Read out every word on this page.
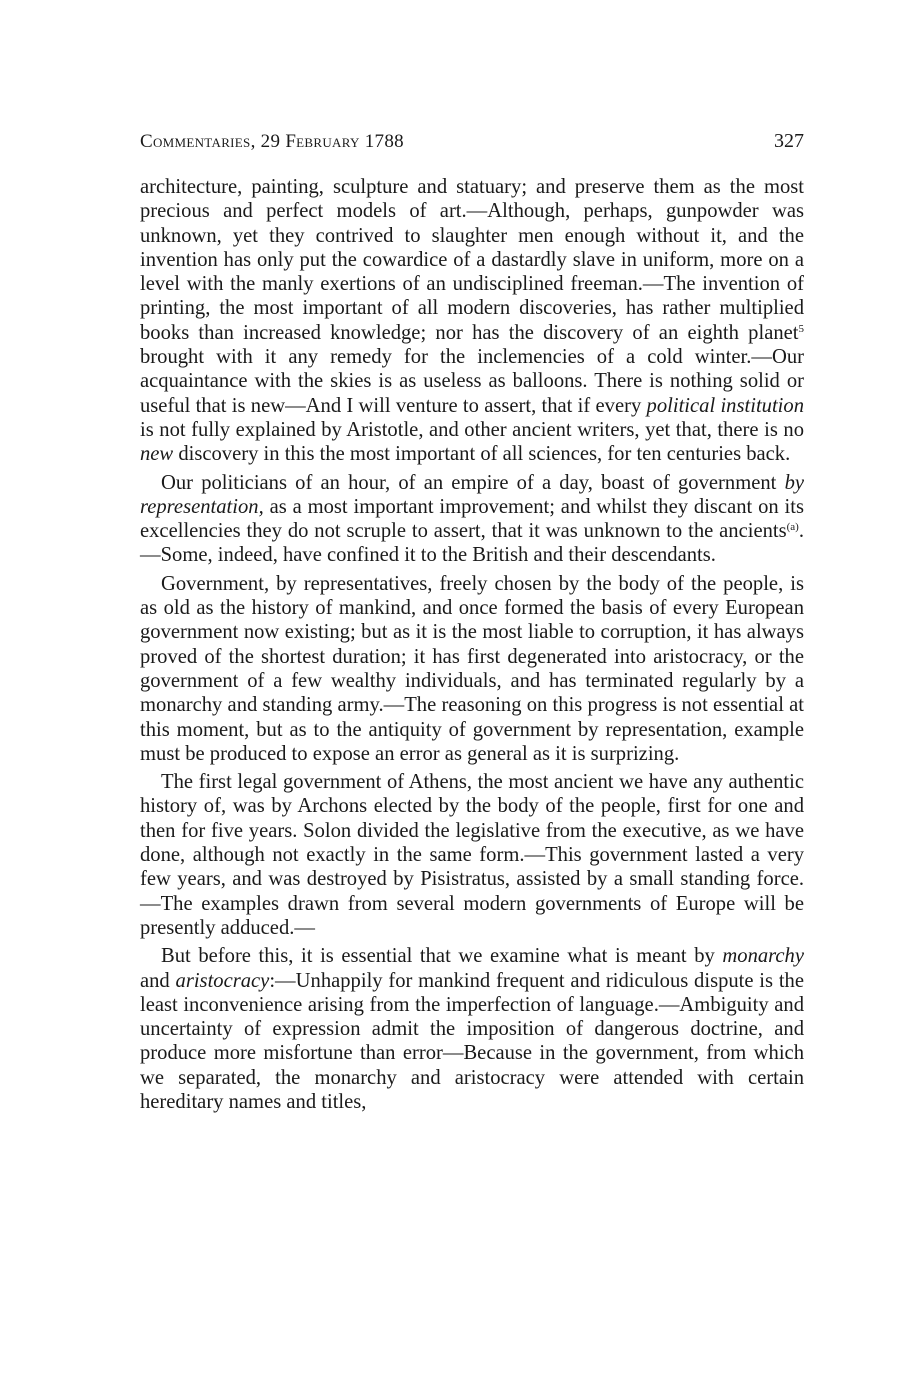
Commentaries, 29 February 1788	327

architecture, painting, sculpture and statuary; and preserve them as the most precious and perfect models of art.—Although, perhaps, gunpowder was unknown, yet they contrived to slaughter men enough without it, and the invention has only put the cowardice of a dastardly slave in uniform, more on a level with the manly exertions of an undisciplined freeman.—The invention of printing, the most important of all modern discoveries, has rather multiplied books than increased knowledge; nor has the discovery of an eighth planet$^5$ brought with it any remedy for the inclemencies of a cold winter.—Our acquaintance with the skies is as useless as balloons. There is nothing solid or useful that is new—And I will venture to assert, that if every political institution is not fully explained by Aristotle, and other ancient writers, yet that, there is no new discovery in this the most important of all sciences, for ten centuries back.

Our politicians of an hour, of an empire of a day, boast of government by representation, as a most important improvement; and whilst they discant on its excellencies they do not scruple to assert, that it was unknown to the ancients$^{(a)}$.—Some, indeed, have confined it to the British and their descendants.

Government, by representatives, freely chosen by the body of the people, is as old as the history of mankind, and once formed the basis of every European government now existing; but as it is the most liable to corruption, it has always proved of the shortest duration; it has first degenerated into aristocracy, or the government of a few wealthy individuals, and has terminated regularly by a monarchy and standing army.—The reasoning on this progress is not essential at this moment, but as to the antiquity of government by representation, example must be produced to expose an error as general as it is surprizing.

The first legal government of Athens, the most ancient we have any authentic history of, was by Archons elected by the body of the people, first for one and then for five years. Solon divided the legislative from the executive, as we have done, although not exactly in the same form.—This government lasted a very few years, and was destroyed by Pisistratus, assisted by a small standing force.—The examples drawn from several modern governments of Europe will be presently adduced.—

But before this, it is essential that we examine what is meant by monarchy and aristocracy:—Unhappily for mankind frequent and ridiculous dispute is the least inconvenience arising from the imperfection of language.—Ambiguity and uncertainty of expression admit the imposition of dangerous doctrine, and produce more misfortune than error—Because in the government, from which we separated, the monarchy and aristocracy were attended with certain hereditary names and titles,
